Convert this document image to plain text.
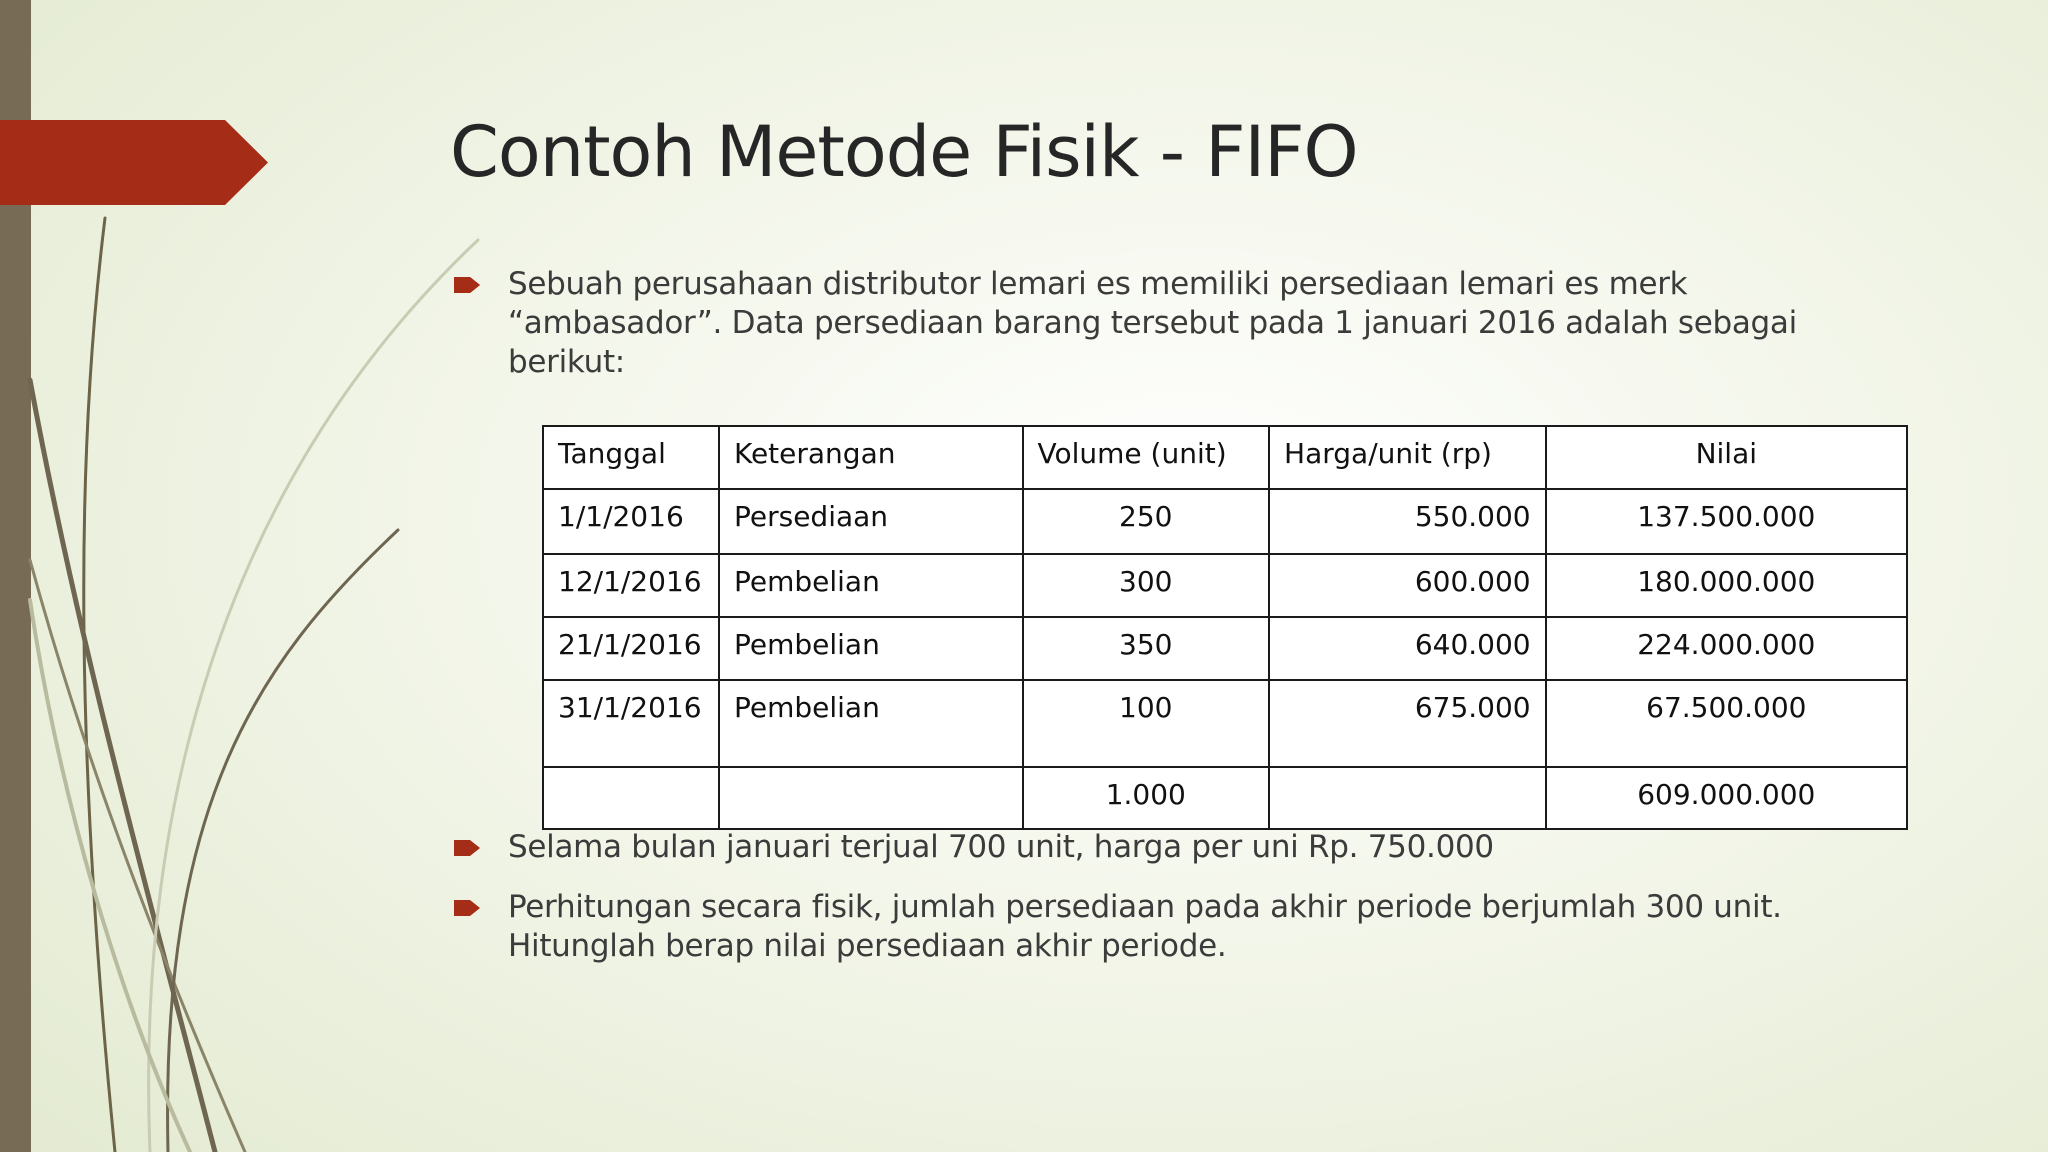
Contoh Metode Fisik - FIFO
Sebuah perusahaan distributor lemari es memiliki persediaan lemari es merk “ambasador”. Data persediaan barang tersebut pada 1 januari 2016 adalah sebagai berikut:
Tanggal	Keterangan	Volume (unit)	Harga/unit (rp)	Nilai
1/1/2016	Persediaan	250	550.000	137.500.000
12/1/2016	Pembelian	300	600.000	180.000.000
21/1/2016	Pembelian	350	640.000	224.000.000
31/1/2016	Pembelian	100	675.000	67.500.000
		1.000		609.000.000
Selama bulan januari terjual 700 unit, harga per uni Rp. 750.000
Perhitungan secara fisik, jumlah persediaan pada akhir periode berjumlah 300 unit. Hitunglah berap nilai persediaan akhir periode.
